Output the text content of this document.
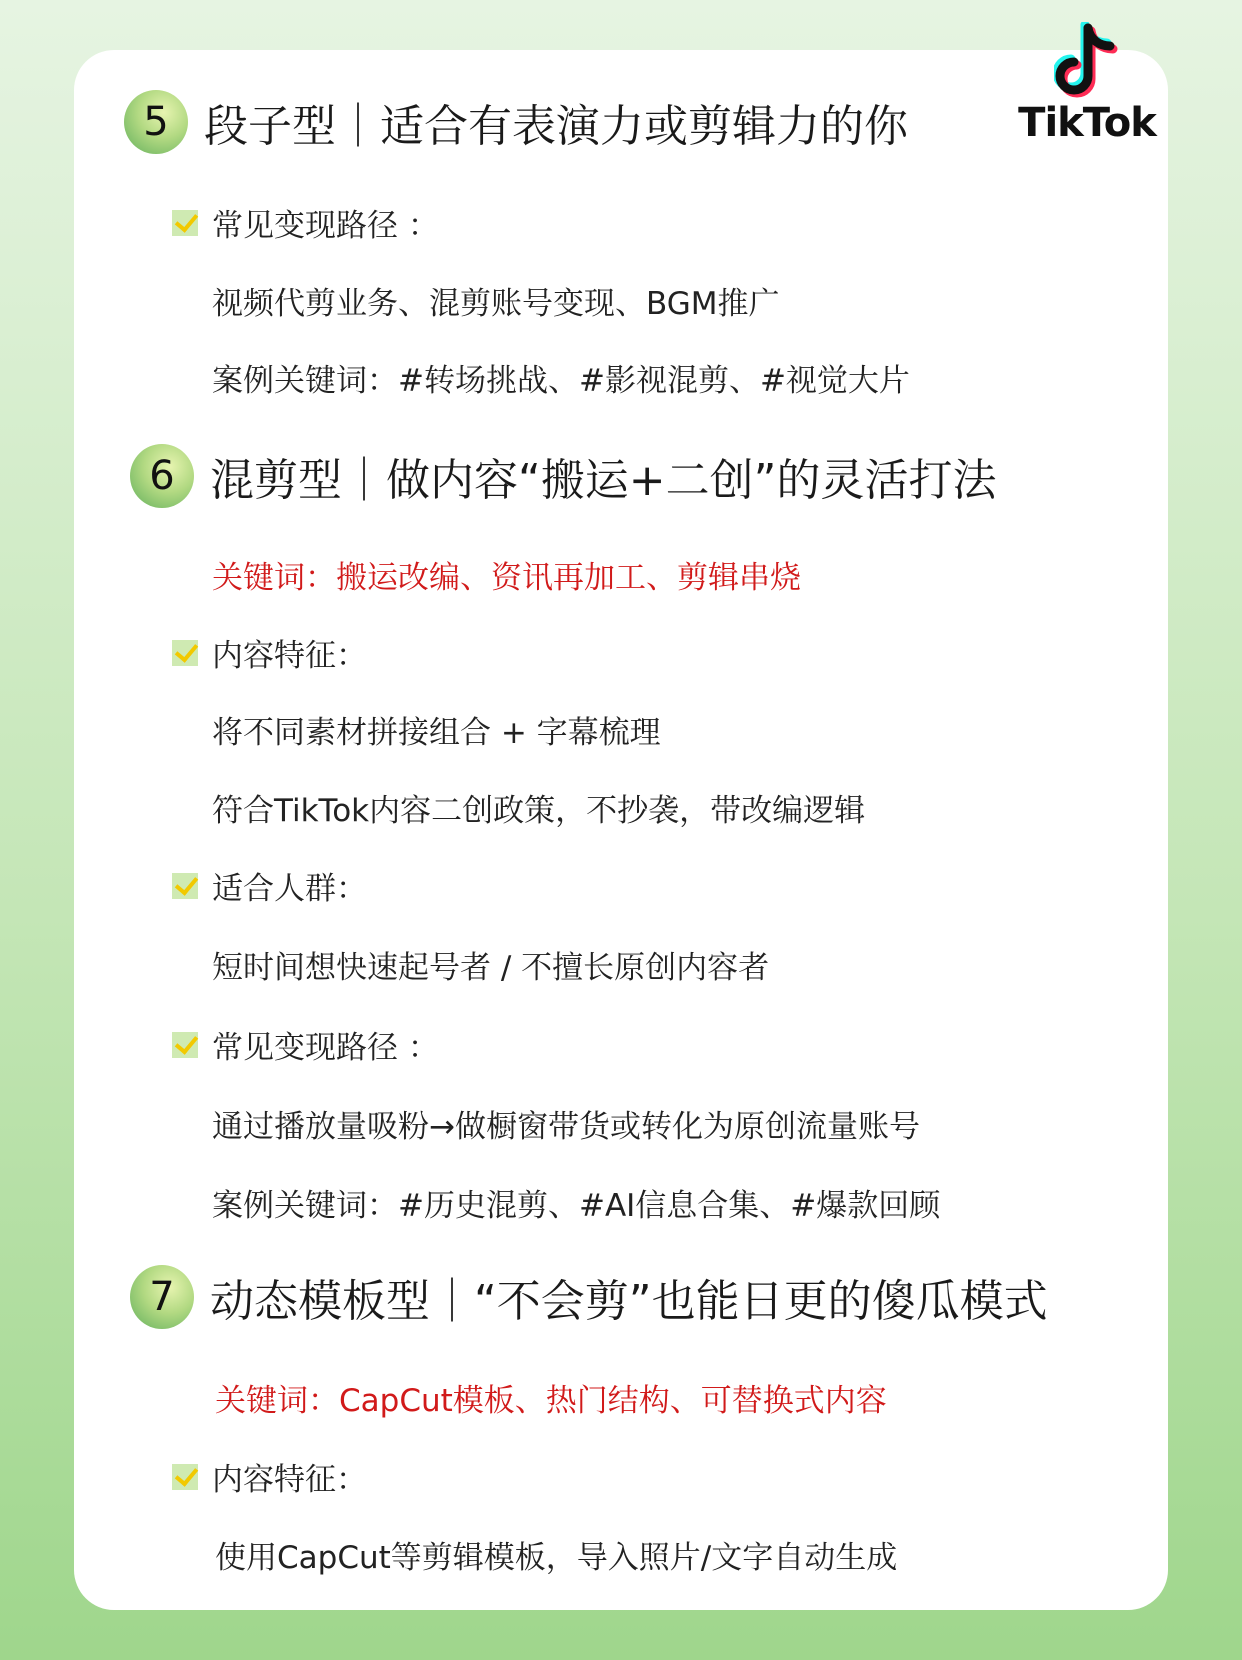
TikTok
5 段子型｜适合有表演力或剪辑力的你
常见变现路径 ：
视频代剪业务、混剪账号变现、BGM推广
案例关键词：#转场挑战、#影视混剪、#视觉大片
6 混剪型｜做内容“搬运+二创”的灵活打法
关键词：搬运改编、资讯再加工、剪辑串烧
内容特征：
将不同素材拼接组合 + 字幕梳理
符合TikTok内容二创政策，不抄袭，带改编逻辑
适合人群：
短时间想快速起号者 / 不擅长原创内容者
常见变现路径 ：
通过播放量吸粉→做橱窗带货或转化为原创流量账号
案例关键词：#历史混剪、#AI信息合集、#爆款回顾
7 动态模板型｜“不会剪”也能日更的傻瓜模式
关键词：CapCut模板、热门结构、可替换式内容
内容特征：
使用CapCut等剪辑模板，导入照片/文字自动生成
